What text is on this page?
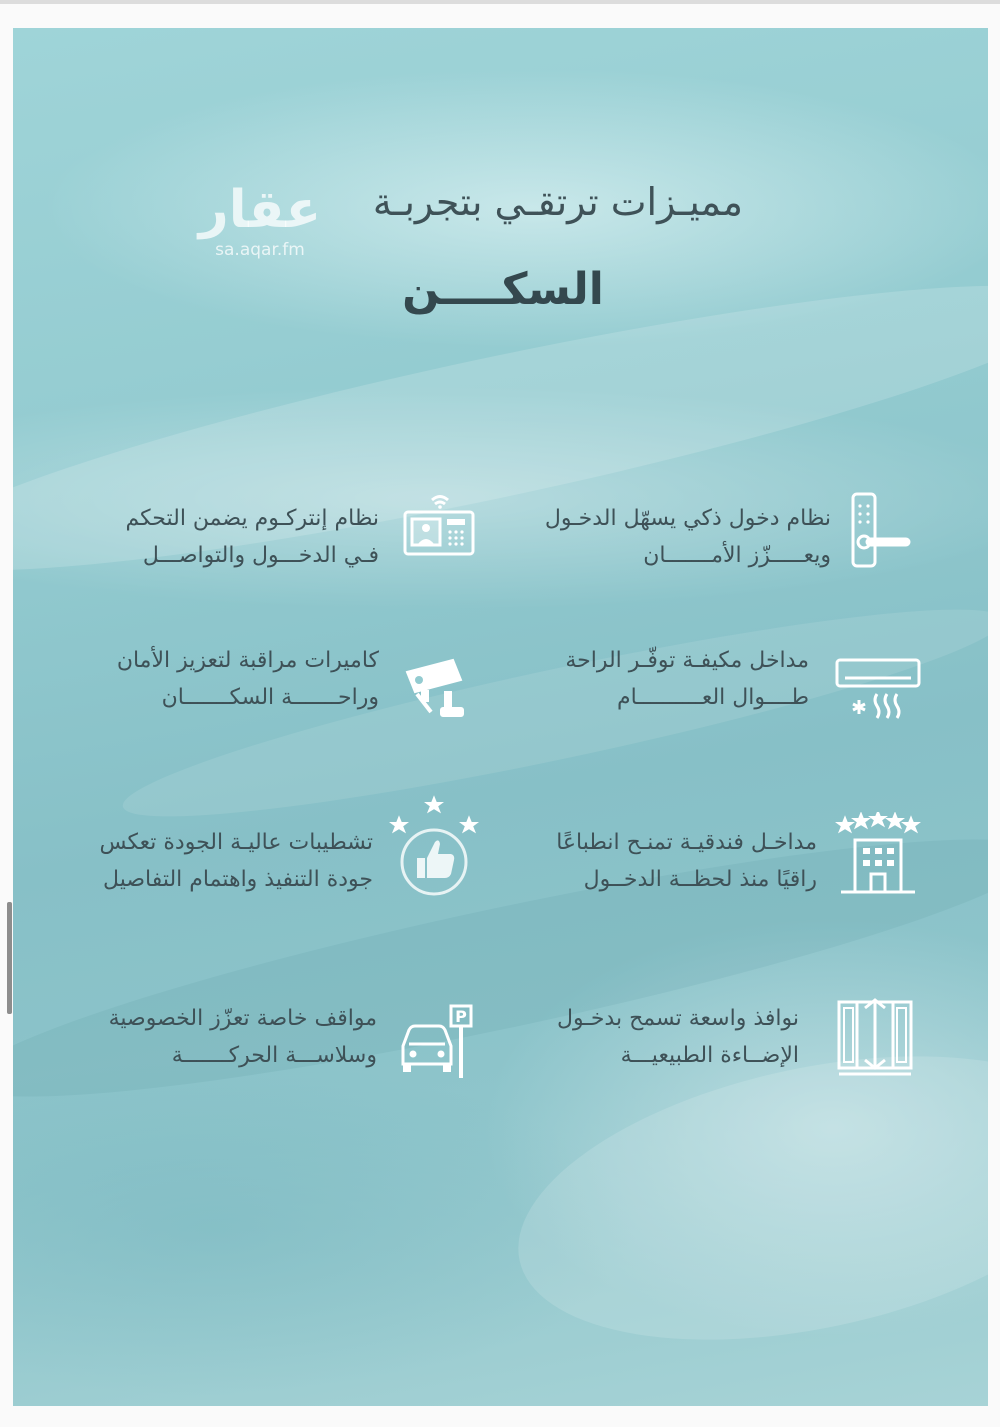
عقار
sa.aqar.fm
مميـزات ترتقـي بتجربـة
السكــــن
نظام دخول ذكي يسهّل الدخـول
ويعـــــزّز الأمـــــــان
نظام إنتركـوم يضمن التحكم
فـي الدخـــول والتواصـــل
مداخل مكيفـة توفّـر الراحة
طــــوال العــــــــــام
كاميرات مراقبة لتعزيز الأمان
وراحـــــــة السكـــــــان
مداخـل فندقيـة تمنـح انطباعًا
راقيًا منذ لحظــة الدخــول
تشطيبات عاليـة الجودة تعكس
جودة التنفيذ واهتمام التفاصيل
نوافذ واسعة تسمح بدخـول
الإضــاءة الطبيعيـــة
P
مواقف خاصة تعزّز الخصوصية
وسلاســـة الحركـــــــة
